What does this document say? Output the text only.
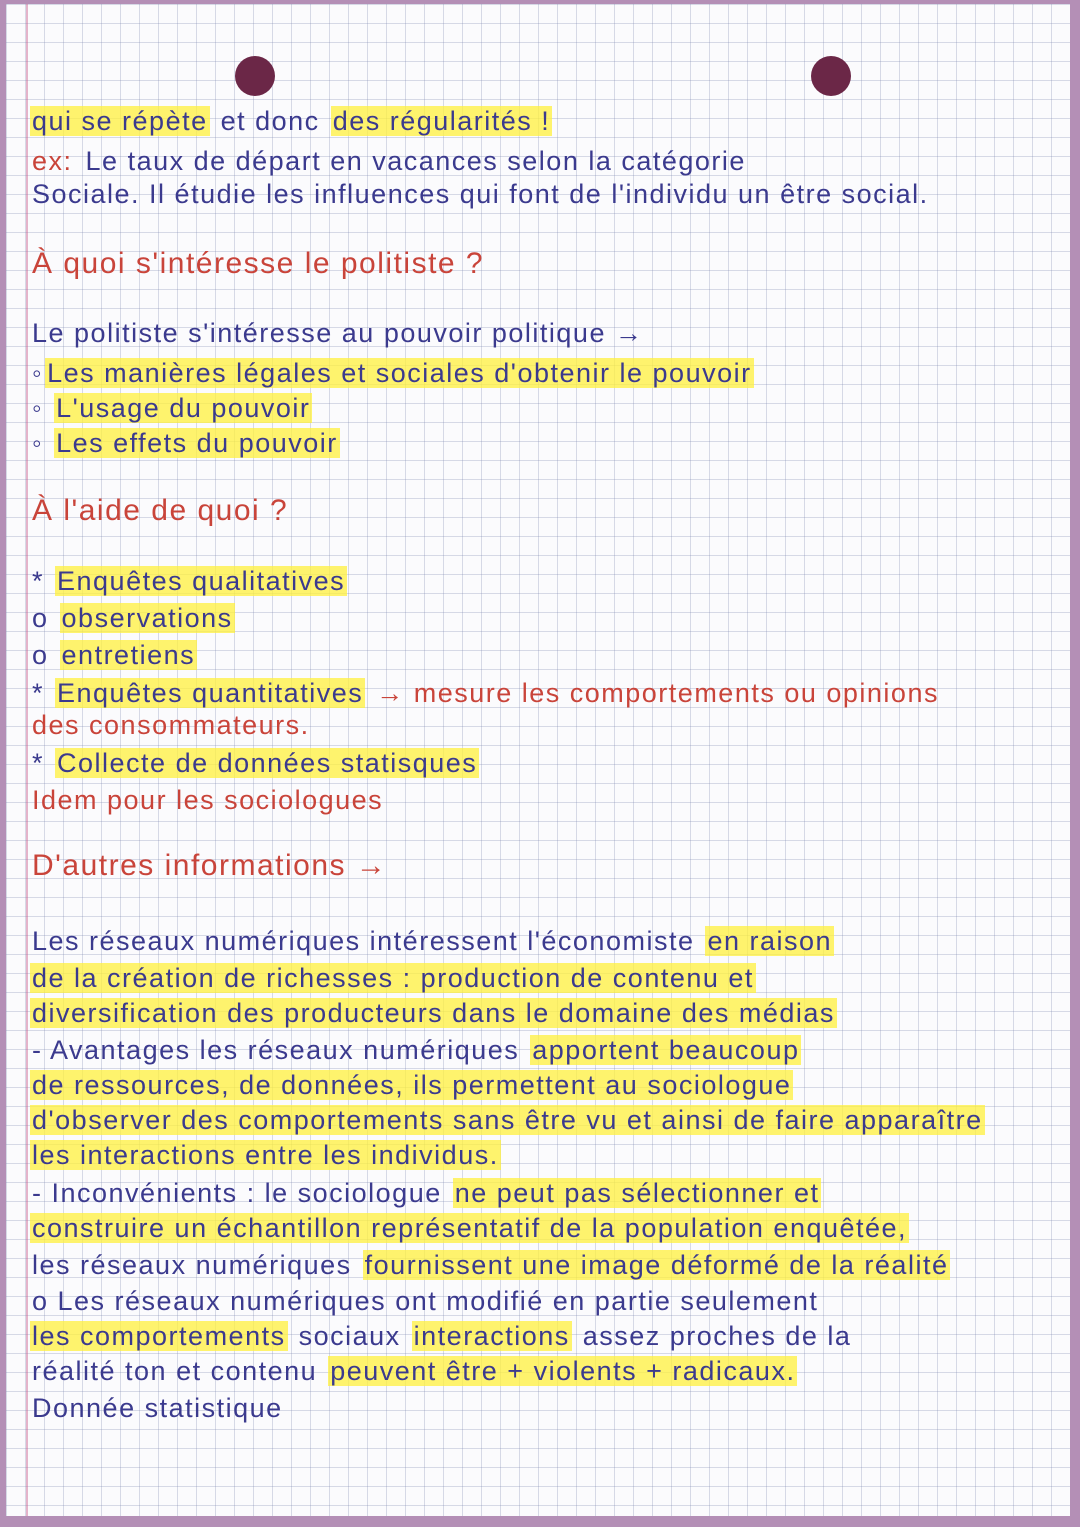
qui se répète et donc des régularités !
ex: Le taux de départ en vacances selon la catégorie
Sociale. Il étudie les influences qui font de l'individu un être social.
À quoi s'intéresse le politiste ?
Le politiste s'intéresse au pouvoir politique →
◦ Les manières légales et sociales d'obtenir le pouvoir
◦ L'usage du pouvoir
◦ Les effets du pouvoir
À l'aide de quoi ?
* Enquêtes qualitatives
o observations
o entretiens
* Enquêtes quantitatives → mesure les comportements ou opinions
des consommateurs.
* Collecte de données statisques
Idem pour les sociologues
D'autres informations →
Les réseaux numériques intéressent l'économiste en raison
de la création de richesses : production de contenu et
diversification des producteurs dans le domaine des médias
- Avantages les réseaux numériques apportent beaucoup
de ressources, de données, ils permettent au sociologue
d'observer des comportements sans être vu et ainsi de faire apparaître
les interactions entre les individus.
- Inconvénients : le sociologue ne peut pas sélectionner et
construire un échantillon représentatif de la population enquêtée,
les réseaux numériques fournissent une image déformé de la réalité
o Les réseaux numériques ont modifié en partie seulement
les comportements sociaux interactions assez proches de la
réalité ton et contenu peuvent être + violents + radicaux.
Donnée statistique
